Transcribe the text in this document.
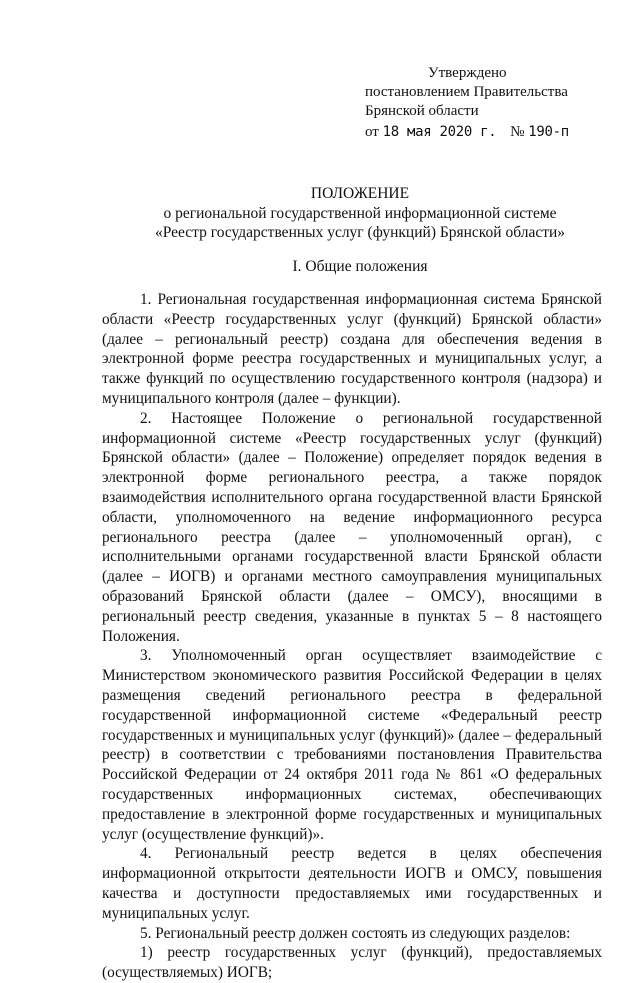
Утверждено
постановлением Правительства
Брянской области
от 18 мая 2020 г. № 190-п
ПОЛОЖЕНИЕ
о региональной государственной информационной системе
«Реестр государственных услуг (функций) Брянской области»
I. Общие положения

1. Региональная государственная информационная система Брянской области «Реестр государственных услуг (функций) Брянской области» (далее – региональный реестр) создана для обеспечения ведения в электронной форме реестра государственных и муниципальных услуг, а также функций по осуществлению государственного контроля (надзора) и муниципального контроля (далее – функции).

2. Настоящее Положение о региональной государственной информационной системе «Реестр государственных услуг (функций) Брянской области» (далее – Положение) определяет порядок ведения в электронной форме регионального реестра, а также порядок взаимодействия исполнительного органа государственной власти Брянской области, уполномоченного на ведение информационного ресурса регионального реестра (далее – уполномоченный орган), с исполнительными органами государственной власти Брянской области (далее – ИОГВ) и органами местного самоуправления муниципальных образований Брянской области (далее – ОМСУ), вносящими в региональный реестр сведения, указанные в пунктах 5 – 8 настоящего Положения.

3. Уполномоченный орган осуществляет взаимодействие с Министерством экономического развития Российской Федерации в целях размещения сведений регионального реестра в федеральной государственной информационной системе «Федеральный реестр государственных и муниципальных услуг (функций)» (далее – федеральный реестр) в соответствии с требованиями постановления Правительства Российской Федерации от 24 октября 2011 года № 861 «О федеральных государственных информационных системах, обеспечивающих предоставление в электронной форме государственных и муниципальных услуг (осуществление функций)».

4. Региональный реестр ведется в целях обеспечения информационной открытости деятельности ИОГВ и ОМСУ, повышения качества и доступности предоставляемых ими государственных и муниципальных услуг.

5. Региональный реестр должен состоять из следующих разделов:

1) реестр государственных услуг (функций), предоставляемых (осуществляемых) ИОГВ;
